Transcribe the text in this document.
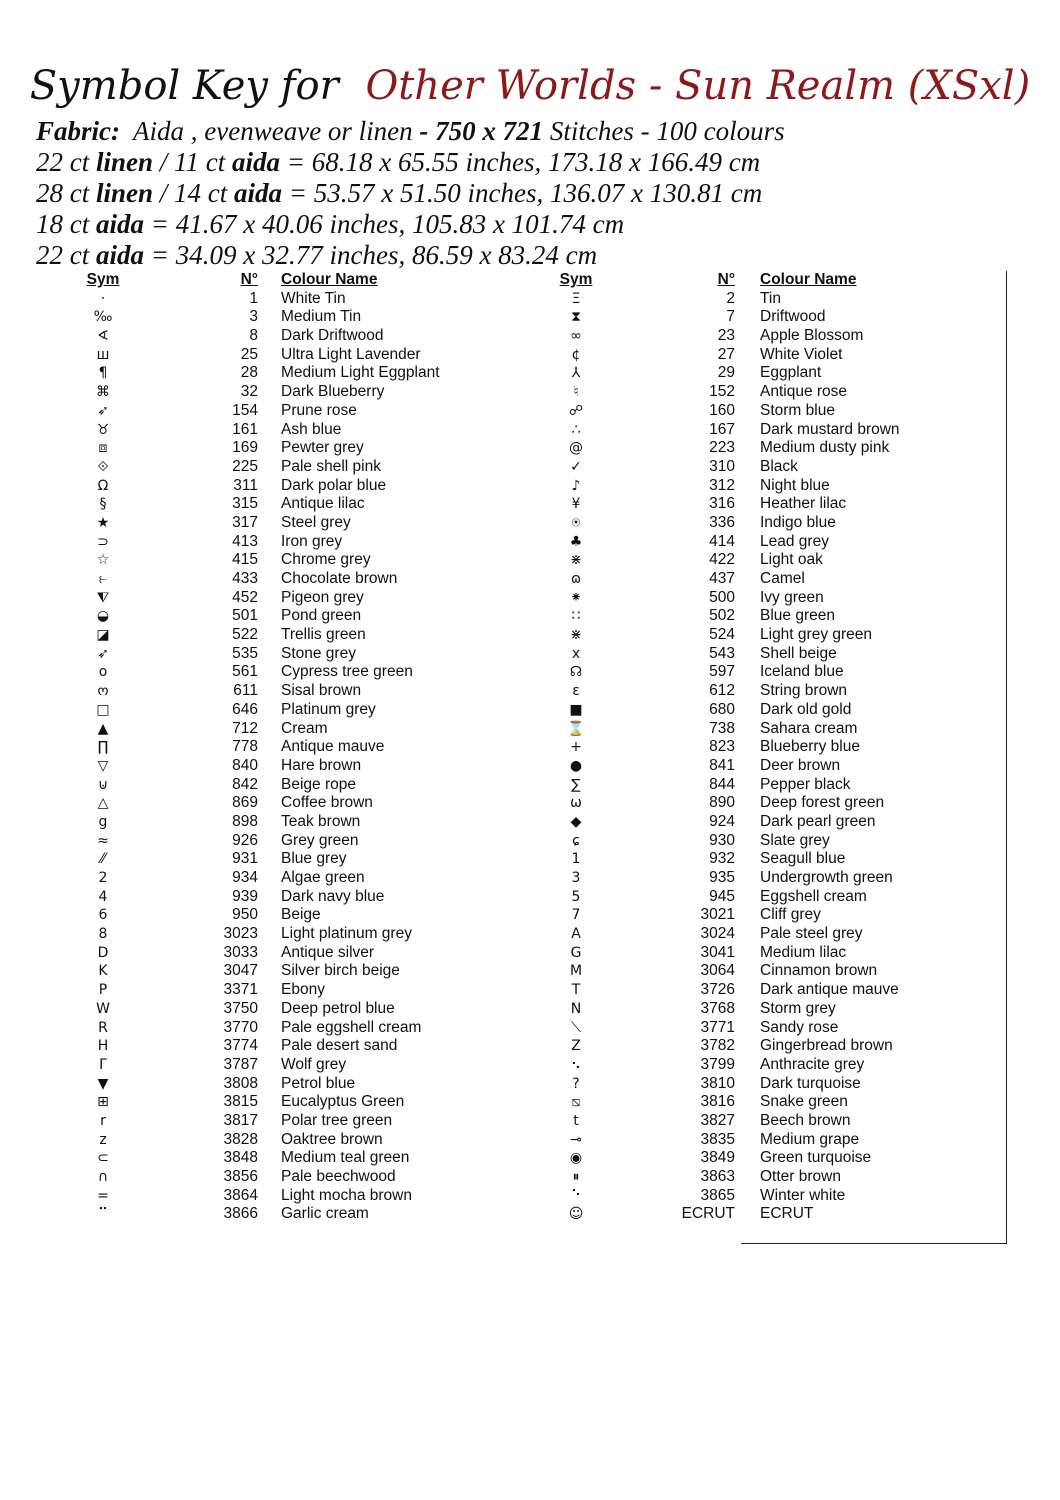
Symbol Key for Other Worlds - Sun Realm (XSxl)
Fabric: Aida , evenweave or linen - 750 x 721 Stitches - 100 colours
22 ct linen / 11 ct aida = 68.18 x 65.55 inches, 173.18 x 166.49 cm
28 ct linen / 14 ct aida = 53.57 x 51.50 inches, 136.07 x 130.81 cm
18 ct aida = 41.67 x 40.06 inches, 105.83 x 101.74 cm
22 ct aida = 34.09 x 32.77 inches, 86.59 x 83.24 cm
Sym	N° Colour Name	Sym	N° Colour Name
·	1 White Tin	Ξ	2 Tin
‰	3 Medium Tin	⧗	7 Driftwood
∢	8 Dark Driftwood	∞	23 Apple Blossom
ш	25 Ultra Light Lavender	¢	27 White Violet
¶	28 Medium Light Eggplant	⅄	29 Eggplant
⌘	32 Dark Blueberry	♮	152 Antique rose
➶	154 Prune rose	☍	160 Storm blue
♉	161 Ash blue	∴	167 Dark mustard brown
⧈	169 Pewter grey	@	223 Medium dusty pink
⟐	225 Pale shell pink	✓	310 Black
Ω	311 Dark polar blue	♪	312 Night blue
§	315 Antique lilac	¥	316 Heather lilac
★	317 Steel grey	⍟	336 Indigo blue
⊃	413 Iron grey	♣	414 Lead grey
☆	415 Chrome grey	⋇	422 Light oak
⥼	433 Chocolate brown	ɷ	437 Camel
⧨	452 Pigeon grey	⁕	500 Ivy green
◒	501 Pond green	∷	502 Blue green
◪	522 Trellis green	⋇	524 Light grey green
➶	535 Stone grey	x	543 Shell beige
o	561 Cypress tree green	☊	597 Iceland blue
ო	611 Sisal brown	ε	612 String brown
□	646 Platinum grey	■	680 Dark old gold
▲	712 Cream	⌛	738 Sahara cream
∏	778 Antique mauve	+	823 Blueberry blue
▽	840 Hare brown	●	841 Deer brown
⊍	842 Beige rope	∑	844 Pepper black
△	869 Coffee brown	ω	890 Deep forest green
g	898 Teak brown	◆	924 Dark pearl green
≈	926 Grey green	ɕ	930 Slate grey
⁄⁄	931 Blue grey	1	932 Seagull blue
2	934 Algae green	3	935 Undergrowth green
4	939 Dark navy blue	5	945 Eggshell cream
6	950 Beige	7	3021 Cliff grey
8	3023 Light platinum grey	A	3024 Pale steel grey
D	3033 Antique silver	G	3041 Medium lilac
K	3047 Silver birch beige	M	3064 Cinnamon brown
P	3371 Ebony	T	3726 Dark antique mauve
W	3750 Deep petrol blue	N	3768 Storm grey
R	3770 Pale eggshell cream	⟍	3771 Sandy rose
H	3774 Pale desert sand	Z	3782 Gingerbread brown
Γ	3787 Wolf grey	⠢	3799 Anthracite grey
▼	3808 Petrol blue	?	3810 Dark turquoise
⊞	3815 Eucalyptus Green	⧅	3816 Snake green
r	3817 Polar tree green	t	3827 Beech brown
z	3828 Oaktree brown	⊸	3835 Medium grape
⊂	3848 Medium teal green	◉	3849 Green turquoise
∩	3856 Pale beechwood	⏸	3863 Otter brown
=	3864 Light mocha brown	⠑	3865 Winter white
⠉	3866 Garlic cream	☺	ECRUT ECRUT
